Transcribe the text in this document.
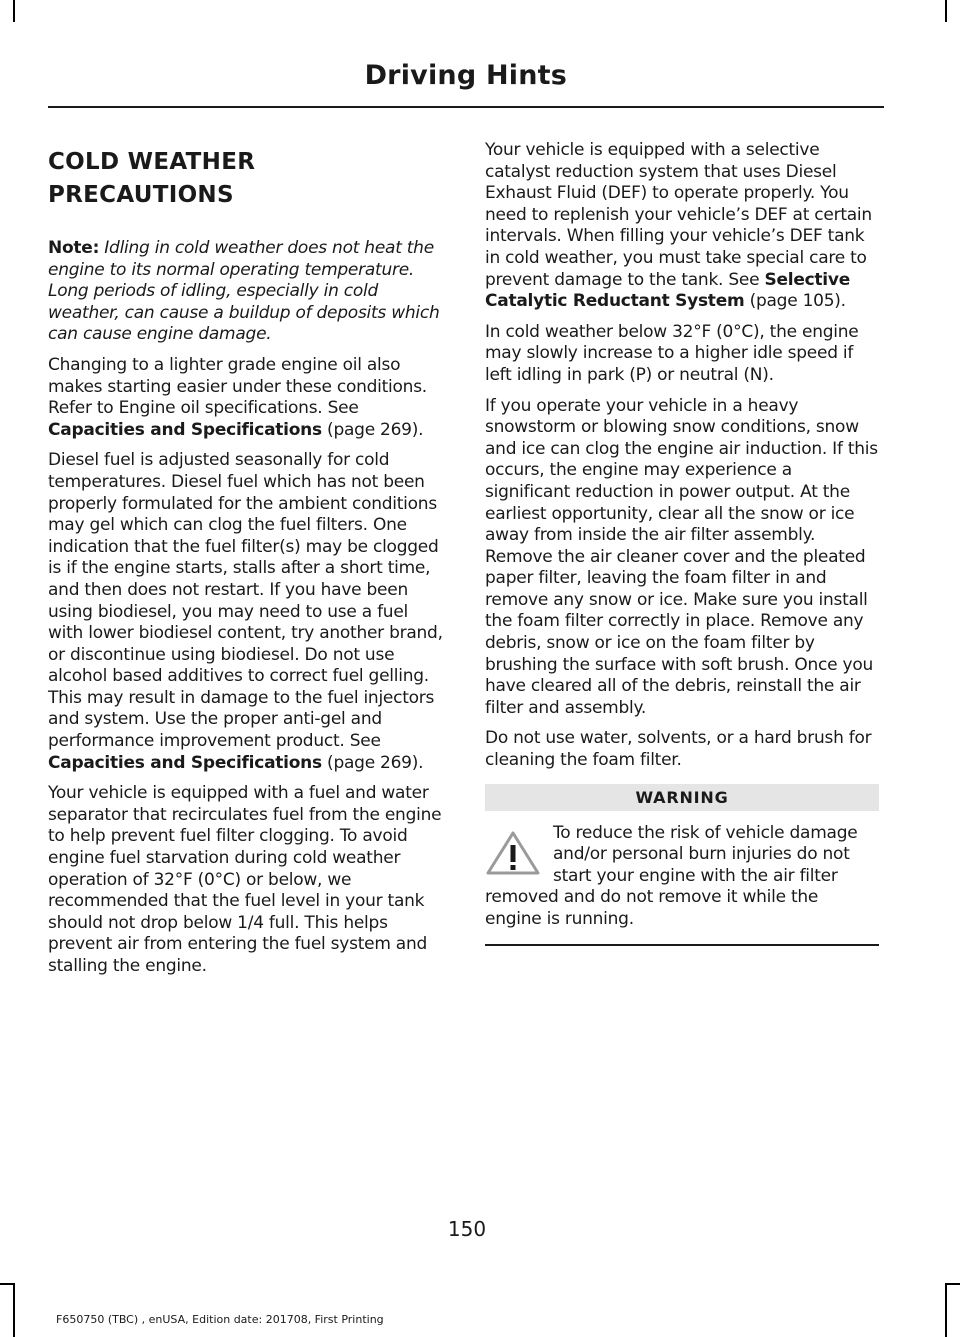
Driving Hints
COLD WEATHER
PRECAUTIONS

Note: Idling in cold weather does not heat the engine to its normal operating temperature. Long periods of idling, especially in cold weather, can cause a buildup of deposits which can cause engine damage.

Changing to a lighter grade engine oil also makes starting easier under these conditions. Refer to Engine oil specifications. See Capacities and Specifications (page 269).

Diesel fuel is adjusted seasonally for cold temperatures. Diesel fuel which has not been properly formulated for the ambient conditions may gel which can clog the fuel filters. One indication that the fuel filter(s) may be clogged is if the engine starts, stalls after a short time, and then does not restart. If you have been using biodiesel, you may need to use a fuel with lower biodiesel content, try another brand, or discontinue using biodiesel. Do not use alcohol based additives to correct fuel gelling. This may result in damage to the fuel injectors and system. Use the proper anti-gel and performance improvement product. See Capacities and Specifications (page 269).

Your vehicle is equipped with a fuel and water separator that recirculates fuel from the engine to help prevent fuel filter clogging. To avoid engine fuel starvation during cold weather operation of 32°F (0°C) or below, we recommended that the fuel level in your tank should not drop below 1/4 full. This helps prevent air from entering the fuel system and stalling the engine.

Your vehicle is equipped with a selective catalyst reduction system that uses Diesel Exhaust Fluid (DEF) to operate properly. You need to replenish your vehicle’s DEF at certain intervals. When filling your vehicle’s DEF tank in cold weather, you must take special care to prevent damage to the tank. See Selective Catalytic Reductant System (page 105).

In cold weather below 32°F (0°C), the engine may slowly increase to a higher idle speed if left idling in park (P) or neutral (N).

If you operate your vehicle in a heavy snowstorm or blowing snow conditions, snow and ice can clog the engine air induction. If this occurs, the engine may experience a significant reduction in power output. At the earliest opportunity, clear all the snow or ice away from inside the air filter assembly. Remove the air cleaner cover and the pleated paper filter, leaving the foam filter in and remove any snow or ice. Make sure you install the foam filter correctly in place. Remove any debris, snow or ice on the foam filter by brushing the surface with soft brush. Once you have cleared all of the debris, reinstall the air filter and assembly.

Do not use water, solvents, or a hard brush for cleaning the foam filter.

WARNING
To reduce the risk of vehicle damage and/or personal burn injuries do not start your engine with the air filter removed and do not remove it while the engine is running.
150
F650750 (TBC) , enUSA, Edition date: 201708, First Printing
